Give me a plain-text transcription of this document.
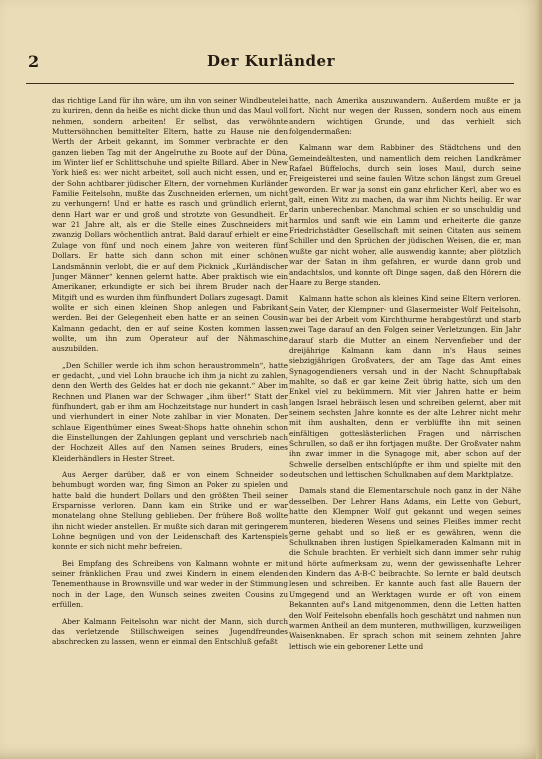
2	Der Kurländer

das richtige Land für ihn wäre, um ihn von seiner Windbeutelei zu kuriren, denn da heiße es nicht dicke thun und das Maul voll nehmen, sondern arbeiten! Er selbst, das verwöhnte Muttersöhnchen bemittelter Eltern, hatte zu Hause nie den Werth der Arbeit gekannt, im Sommer verbrachte er den ganzen lieben Tag mit der Angelruthe zu Boote auf der Düna, im Winter lief er Schlittschuhe und spielte Billard. Aber in New York hieß es: wer nicht arbeitet, soll auch nicht essen, und er, der Sohn achtbarer jüdischer Eltern, der vornehmen Kurländer Familie Feitelsohn, mußte das Zuschneiden erlernen, um nicht zu verhungern! Und er hatte es rasch und gründlich erlernt, denn Hart war er und groß und strotzte von Gesundheit. Er war 21 Jahre alt, als er die Stelle eines Zuschneiders mit zwanzig Dollars wöchentlich antrat. Bald darauf erhielt er eine Zulage von fünf und noch einem Jahre von weiteren fünf Dollars. Er hatte sich dann schon mit einer schönen Landsmännin verlobt, die er auf dem Picknick „Kurländischer Junger Männer“ kennen gelernt hatte. Aber praktisch wie ein Amerikaner, erkundigte er sich bei ihrem Bruder nach der Mitgift und es wurden ihm fünfhundert Dollars zugesagt. Damit wollte er sich einen kleinen Shop anlegen und Fabrikant werden. Bei der Gelegenheit eben hatte er an seinen Cousin Kalmann gedacht, den er auf seine Kosten kommen lassen wollte, um ihn zum Operateur auf der Nähmaschine auszubilden.

„Den Schiller werde ich ihm schon heraustrommeln“, hatte er gedacht, „und viel Lohn brauche ich ihm ja nicht zu zahlen, denn den Werth des Geldes hat er doch nie gekannt.“ Aber im Rechnen und Planen war der Schwager „ihm über!“ Statt der fünfhundert, gab er ihm am Hochzeitstage nur hundert in cash und vierhundert in einer Note zahlbar in vier Monaten. Der schlaue Eigenthümer eines Sweat-Shops hatte ohnehin schon die Einstellungen der Zahlungen geplant und verschrieb nach der Hochzeit Alles auf den Namen seines Bruders, eines Kleiderhändlers in Hester Street.

Aus Aerger darüber, daß er von einem Schneider so behumbugt worden war, fing Simon an Poker zu spielen und hatte bald die hundert Dollars und den größten Theil seiner Ersparnisse verloren. Dann kam ein Strike und er war monatelang ohne Stellung geblieben. Der frühere Boß wollte ihn nicht wieder anstellen. Er mußte sich daran mit geringerem Lohne begnügen und von der Leidenschaft des Kartenspiels konnte er sich nicht mehr befreien.

Bei Empfang des Schreibens von Kalmann wohnte er mit seiner fränklichen Frau und zwei Kindern in einem elenden Tenementhause in Brownsville und war weder in der Stimmung noch in der Lage, den Wunsch seines zweiten Cousins zu erfüllen.

Aber Kalmann Feitelsohn war nicht der Mann, sich durch das verletzende Stillschweigen seines Jugendfreundes abschrecken zu lassen, wenn er einmal den Entschluß gefaßt

hatte, nach Amerika auszuwandern. Außerdem mußte er ja fort. Nicht nur wegen der Russen, sondern noch aus einem andern wichtigen Grunde, und das verhielt sich folgendermaßen:

Kalmann war dem Rabbiner des Städtchens und den Gemeindeältesten, und namentlich dem reichen Landkrämer Rafael Büffelochs, durch sein loses Maul, durch seine Freigeisterei und seine faulen Witze schon längst zum Greuel geworden. Er war ja sonst ein ganz ehrlicher Kerl, aber wo es galt, einen Witz zu machen, da war ihm Nichts heilig. Er war darin unberechenbar. Manchmal schien er so unschuldig und harmlos und sanft wie ein Lamm und erheiterte die ganze Friedrichstädter Gesellschaft mit seinen Citaten aus seinem Schiller und den Sprüchen der jüdischen Weisen, die er, man wußte gar nicht woher, alle auswendig kannte; aber plötzlich war der Satan in ihm gefahren, er wurde dann grob und andachtslos, und konnte oft Dinge sagen, daß den Hörern die Haare zu Berge standen.

Kalmann hatte schon als kleines Kind seine Eltern verloren. Sein Vater, der Klempner- und Glasermeister Wolf Feitelsohn, war bei der Arbeit vom Kirchthurme herabgestürzt und starb zwei Tage darauf an den Folgen seiner Verletzungen. Ein Jahr darauf starb die Mutter an einem Nervenfieber und der dreijährige Kalmann kam dann in's Haus seines siebzigjährigen Großvaters, der am Tage das Amt eines Synagogendieners versah und in der Nacht Schnupftabak mahlte, so daß er gar keine Zeit übrig hatte, sich um den Enkel viel zu bekümmern. Mit vier Jahren hatte er beim langen Israel hebräisch lesen und schreiben gelernt, aber mit seinem sechsten Jahre konnte es der alte Lehrer nicht mehr mit ihm aushalten, denn er verblüffte ihn mit seinen einfältigen gotteslästerlichen Fragen und närrischen Schrullen, so daß er ihn fortjagen mußte. Der Großvater nahm ihn zwar immer in die Synagoge mit, aber schon auf der Schwelle derselben entschlüpfte er ihm und spielte mit den deutschen und lettischen Schulknaben auf dem Marktplatze.

Damals stand die Elementarschule noch ganz in der Nähe desselben. Der Lehrer Hans Adams, ein Lette von Geburt, hatte den Klempner Wolf gut gekannt und wegen seines munteren, biederen Wesens und seines Fleißes immer recht gerne gehabt und so ließ er es gewähren, wenn die Schulknaben ihren lustigen Spielkameraden Kalmann mit in die Schule brachten. Er verhielt sich dann immer sehr ruhig und hörte aufmerksam zu, wenn der gewissenhafte Lehrer den Kindern das A-B-C beibrachte. So lernte er bald deutsch lesen und schreiben. Er kannte auch fast alle Bauern der Umgegend und an Werktagen wurde er oft von einem Bekannten auf's Land mitgenommen, denn die Letten hatten den Wolf Feitelsohn ebenfalls hoch geschätzt und nahmen nun warmen Antheil an dem munteren, muthwilligen, kurzweiligen Waisenknaben. Er sprach schon mit seinem zehnten Jahre lettisch wie ein geborener Lette und
